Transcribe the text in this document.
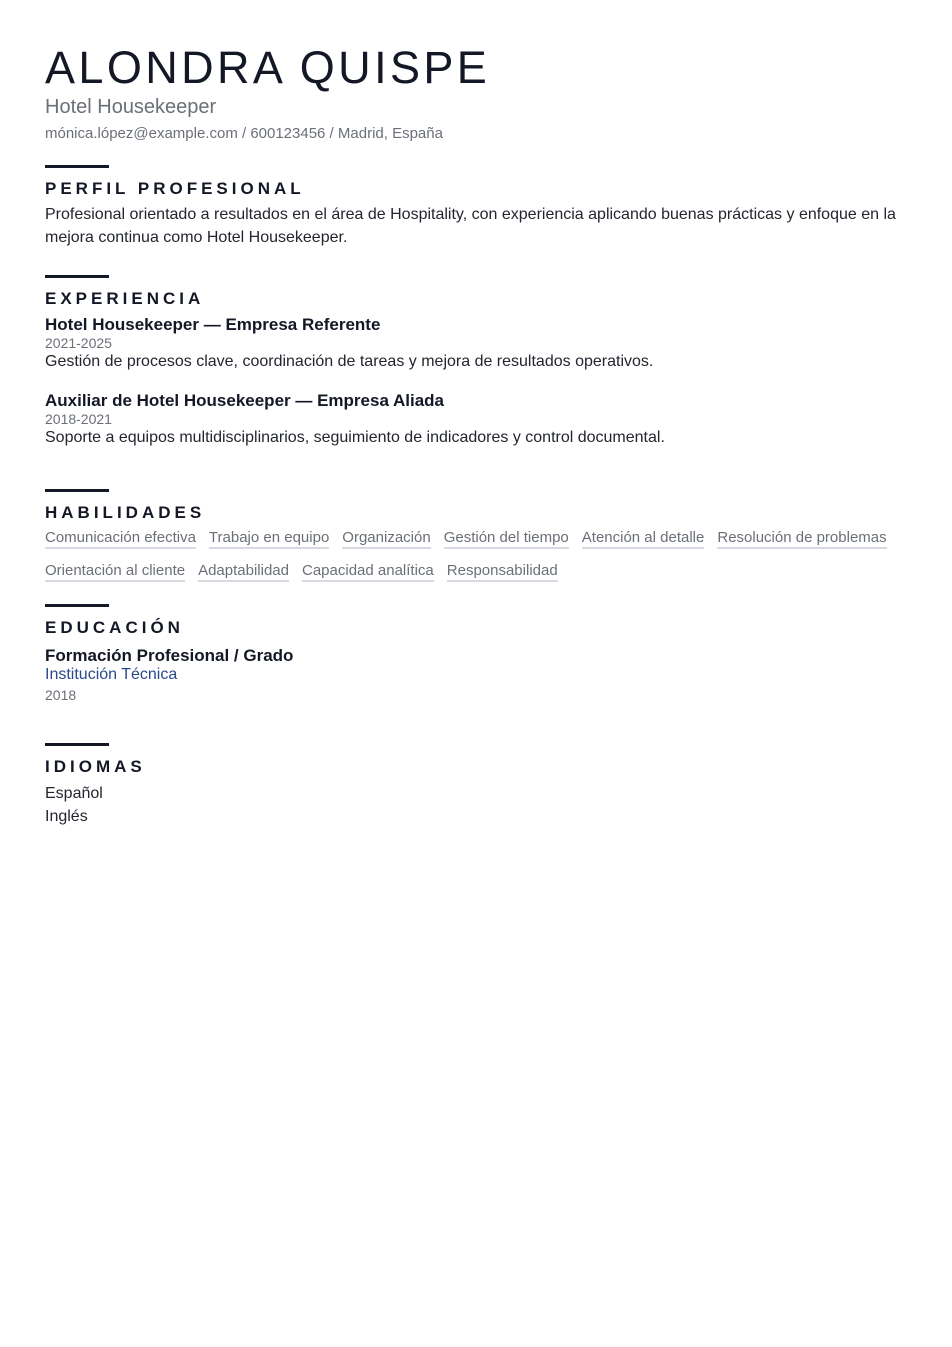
ALONDRA QUISPE
Hotel Housekeeper
mónica.lópez@example.com / 600123456 / Madrid, España
PERFIL PROFESIONAL
Profesional orientado a resultados en el área de Hospitality, con experiencia aplicando buenas prácticas y enfoque en la mejora continua como Hotel Housekeeper.
EXPERIENCIA
Hotel Housekeeper — Empresa Referente
2021-2025
Gestión de procesos clave, coordinación de tareas y mejora de resultados operativos.
Auxiliar de Hotel Housekeeper — Empresa Aliada
2018-2021
Soporte a equipos multidisciplinarios, seguimiento de indicadores y control documental.
HABILIDADES
Comunicación efectiva Trabajo en equipo Organización Gestión del tiempo Atención al detalle Resolución de problemas
Orientación al cliente Adaptabilidad Capacidad analítica Responsabilidad
EDUCACIÓN
Formación Profesional / Grado
Institución Técnica
2018
IDIOMAS
Español
Inglés
